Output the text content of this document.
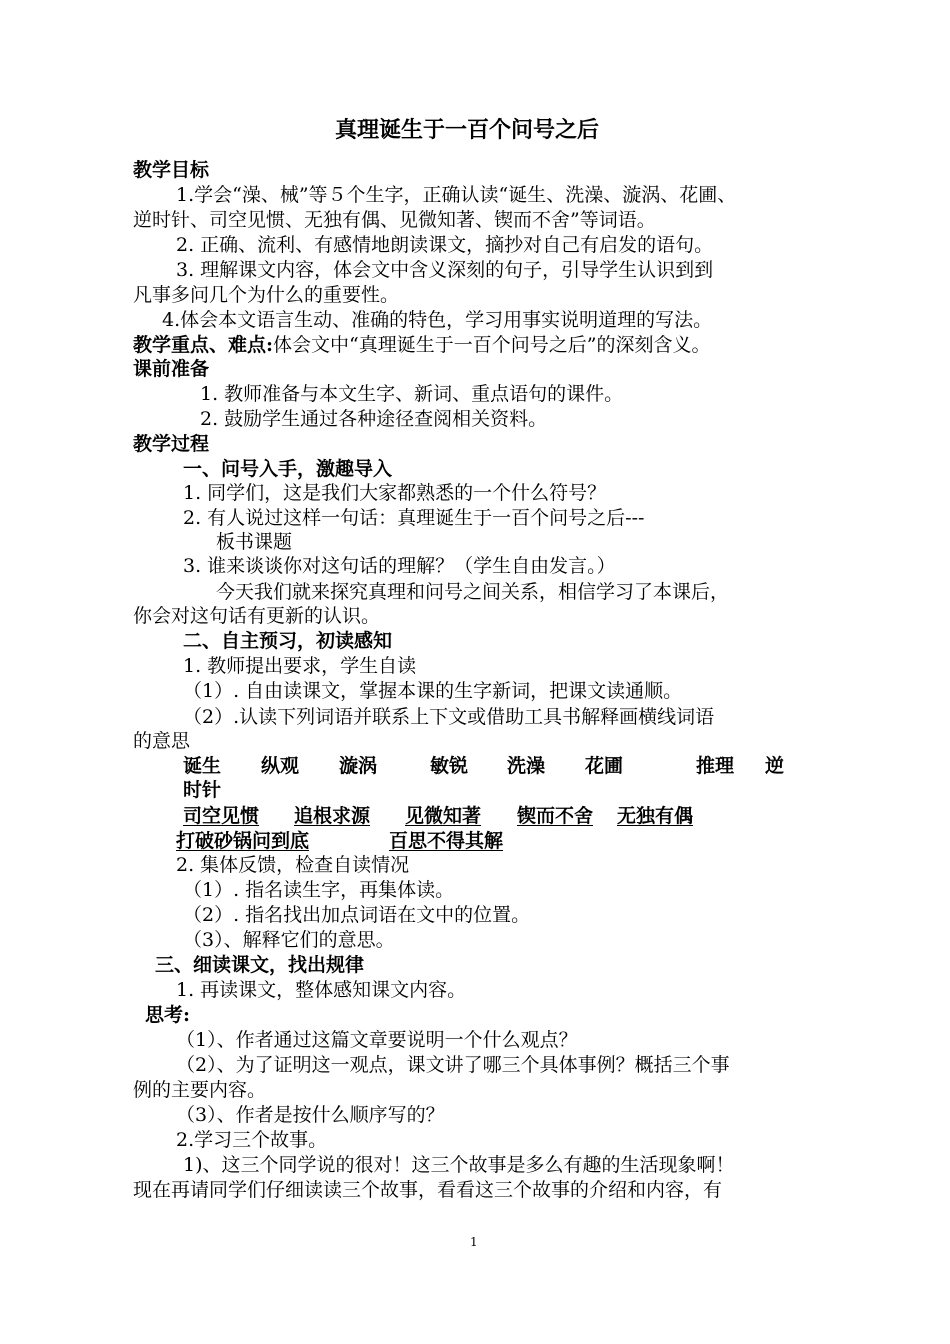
真理诞生于一百个问号之后
教学目标
1.学会“澡、械”等５个生字，正确认读“诞生、洗澡、漩涡、花圃、
逆时针、司空见惯、无独有偶、见微知著、锲而不舍”等词语。
2. 正确、流利、有感情地朗读课文，摘抄对自己有启发的语句。
3. 理解课文内容，体会文中含义深刻的句子，引导学生认识到到
凡事多问几个为什么的重要性。
4.体会本文语言生动、准确的特色，学习用事实说明道理的写法。
教学重点、难点:体会文中“真理诞生于一百个问号之后”的深刻含义。
课前准备
1. 教师准备与本文生字、新词、重点语句的课件。
2. 鼓励学生通过各种途径查阅相关资料。
教学过程
一、问号入手，激趣导入
1. 同学们，这是我们大家都熟悉的一个什么符号？
2. 有人说过这样一句话：真理诞生于一百个问号之后---
板书课题
3. 谁来谈谈你对这句话的理解？（学生自由发言。）
今天我们就来探究真理和问号之间关系，相信学习了本课后，
你会对这句话有更新的认识。
二、自主预习，初读感知
1. 教师提出要求，学生自读
（1）. 自由读课文，掌握本课的生字新词，把课文读通顺。
（2）.认读下列词语并联系上下文或借助工具书解释画横线词语
的意思
诞生 纵观 漩涡	敏锐 洗澡 花圃	推理 逆
时针
司空见惯 追根求源 见微知著 锲而不舍 无独有偶
打破砂锅问到底	百思不得其解
2. 集体反馈，检查自读情况
（1）. 指名读生字，再集体读。
（2）. 指名找出加点词语在文中的位置。
（3）、解释它们的意思。
三、细读课文，找出规律
1. 再读课文，整体感知课文内容。
思考:
（1）、作者通过这篇文章要说明一个什么观点？
（2）、为了证明这一观点，课文讲了哪三个具体事例？概括三个事
例的主要内容。
（3）、作者是按什么顺序写的？
2.学习三个故事。
1)、这三个同学说的很对！这三个故事是多么有趣的生活现象啊！
现在再请同学们仔细读读三个故事，看看这三个故事的介绍和内容，有
1
